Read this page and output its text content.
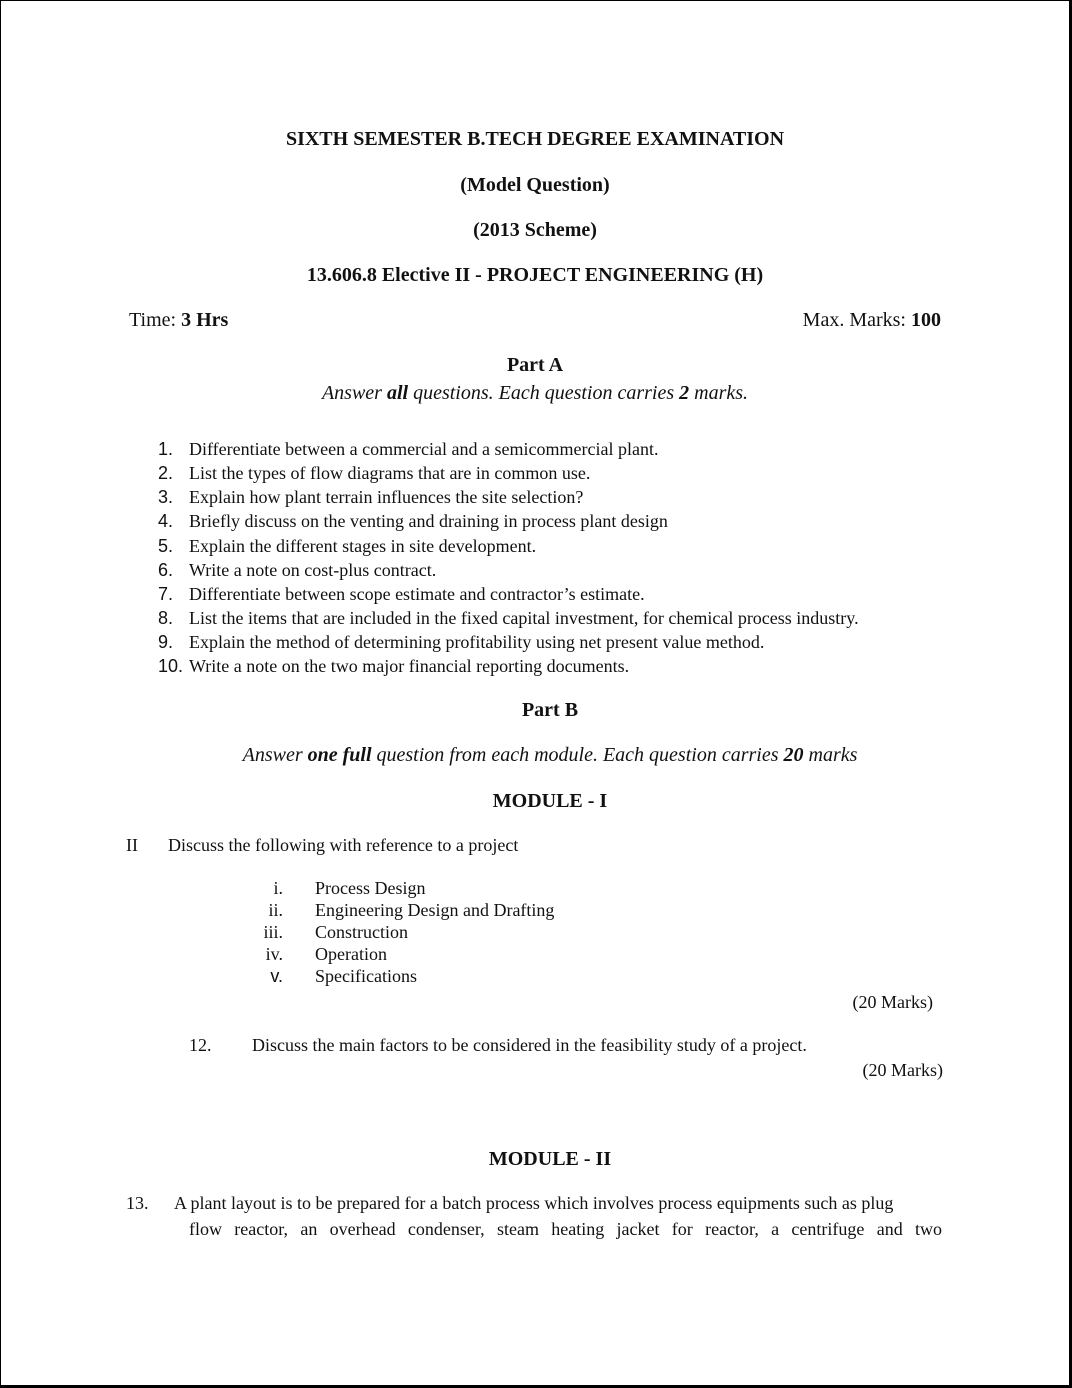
SIXTH SEMESTER B.TECH DEGREE EXAMINATION
(Model Question)
(2013 Scheme)
13.606.8 Elective II - PROJECT ENGINEERING (H)
Time: 3 Hrs	Max. Marks: 100
Part A
Answer all questions. Each question carries 2 marks.
1. Differentiate between a commercial and a semicommercial plant.
2. List the types of flow diagrams that are in common use.
3. Explain how plant terrain influences the site selection?
4. Briefly discuss on the venting and draining in process plant design
5. Explain the different stages in site development.
6. Write a note on cost-plus contract.
7. Differentiate between scope estimate and contractor’s estimate.
8. List the items that are included in the fixed capital investment, for chemical process industry.
9. Explain the method of determining profitability using net present value method.
10. Write a note on the two major financial reporting documents.
Part B
Answer one full question from each module. Each question carries 20 marks
MODULE - I
II Discuss the following with reference to a project
i. Process Design
ii. Engineering Design and Drafting
iii. Construction
iv. Operation
v. Specifications
(20 Marks)
12. Discuss the main factors to be considered in the feasibility study of a project.
(20 Marks)
MODULE - II
13. A plant layout is to be prepared for a batch process which involves process equipments such as plug
flow reactor, an overhead condenser, steam heating jacket for reactor, a centrifuge and two
